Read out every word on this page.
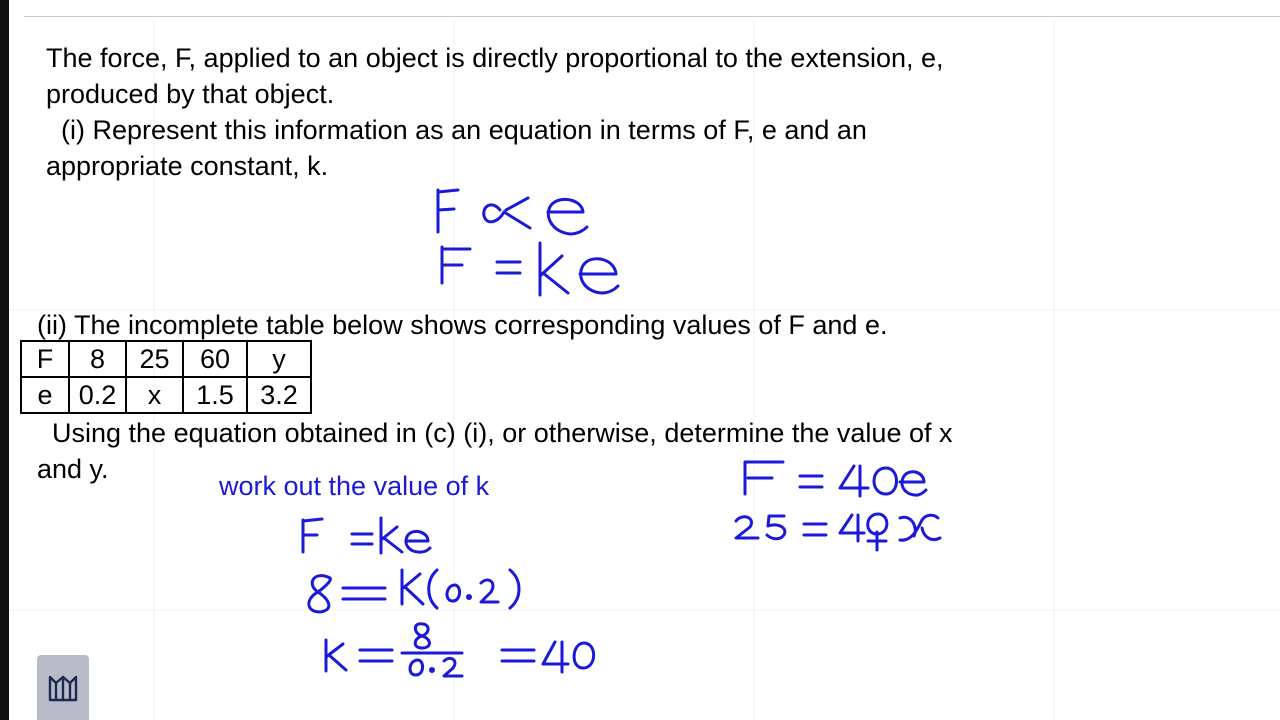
The force, F, applied to an object is directly proportional to the extension, e,
produced by that object.
(i) Represent this information as an equation in terms of F, e and an
appropriate constant, k.
(ii) The incomplete table below shows corresponding values of F and e.
F	8	25	60	y
e	0.2	x	1.5	3.2
Using the equation obtained in (c) (i), or otherwise, determine the value of x
and y.
work out the value of k
